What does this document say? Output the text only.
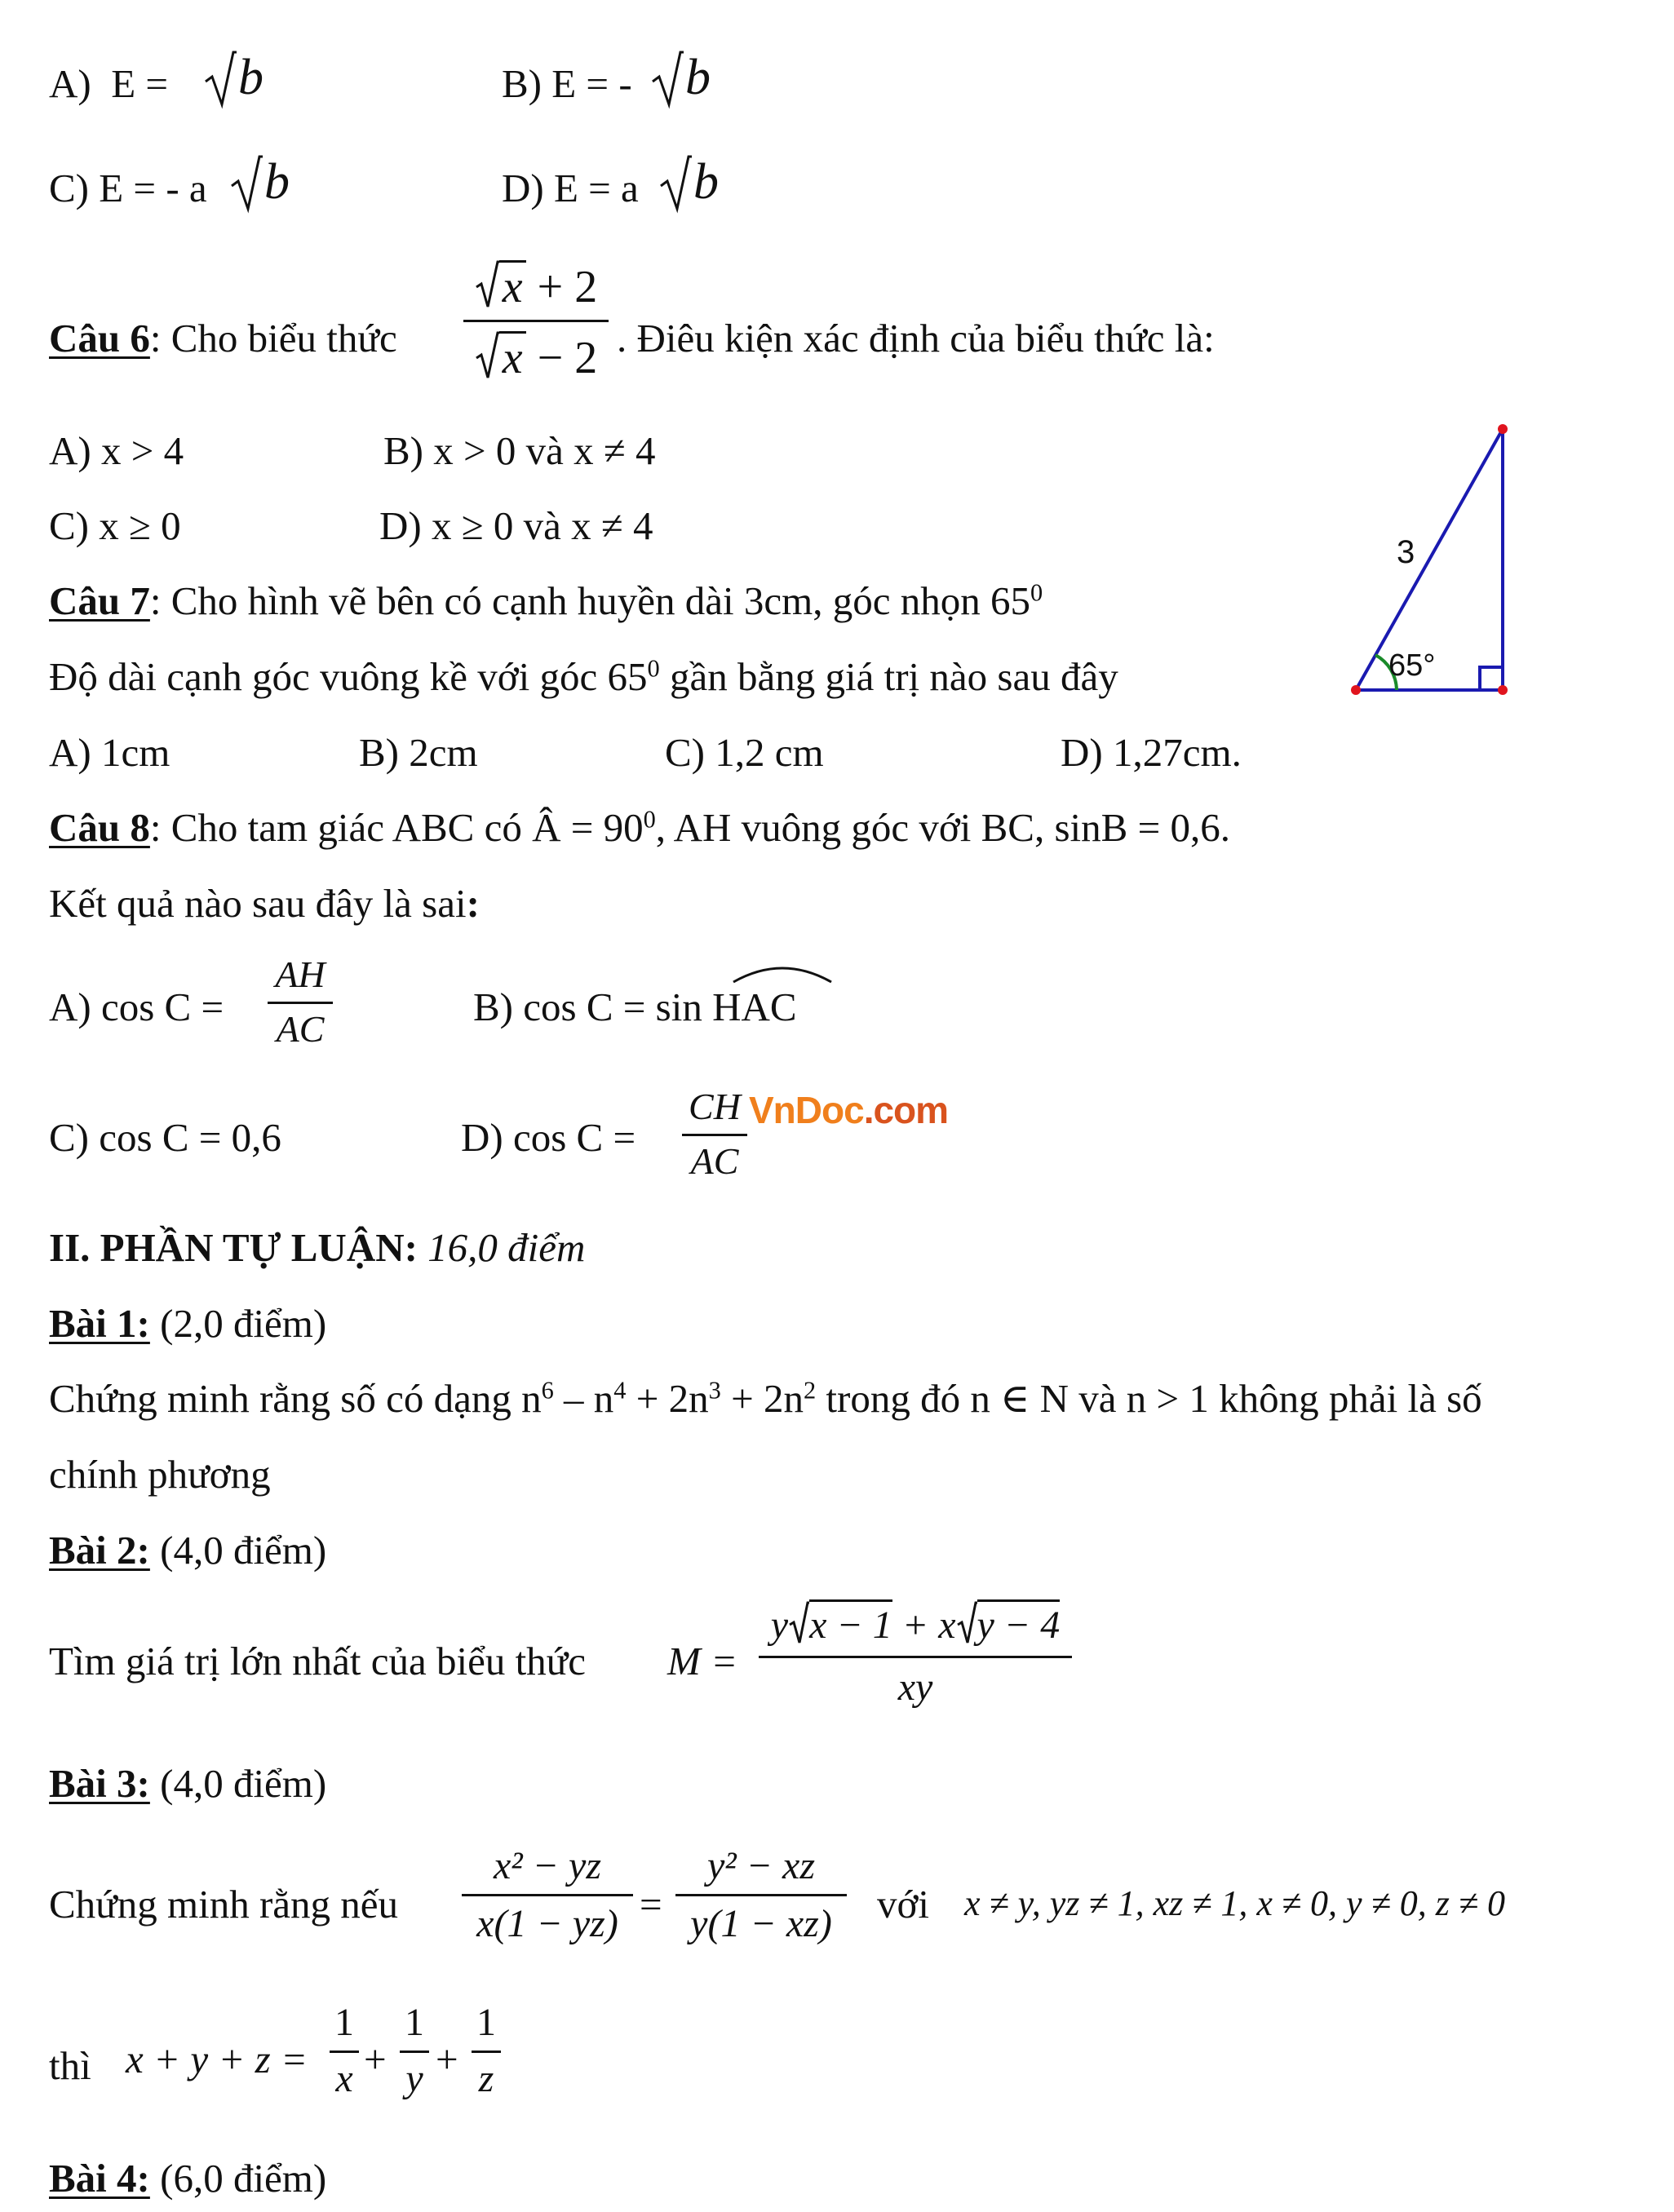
A) E = b	B) E = - b
C) E = - a b	D) E = a b
Câu 6: Cho biểu thức
x + 2
x − 2 . Điêu kiện xác định của biểu thức là:
A) x > 4	B) x > 0 và x ≠ 4
C) x ≥ 0	D) x ≥ 0 và x ≠ 4
Câu 7: Cho hình vẽ bên có cạnh huyền dài 3cm, góc nhọn $65^0$
Độ dài cạnh góc vuông kề với góc $65^0$ gần bằng giá trị nào sau đây
A) 1cm	B) 2cm	C) 1,2 cm	D) 1,27cm.
3
65°
Câu 8: Cho tam giác ABC có Â = $90^0$, AH vuông góc với BC, sinB = 0,6.
Kết quả nào sau đây là sai:
A) cos C =
AH
AC	B) cos C = sin HAC
C) cos C = 0,6	D) cos C =
CH
AC
VnDoc.com
II. PHẦN TỰ LUẬN: 16,0 điểm
Bài 1: (2,0 điểm)
Chứng minh rằng số có dạng $n^6 - n^4 + 2n^3 + 2n^2$ trong đó n ∈ N và n > 1 không phải là số
chính phương
Bài 2: (4,0 điểm)
Tìm giá trị lớn nhất của biểu thức M =
y x − 1 + x y − 4
xy
Bài 3: (4,0 điểm)
Chứng minh rằng nếu
x² − yz
x(1 − yz) =
y² − xz
y(1 − xz) với x ≠ y, yz ≠ 1, xz ≠ 1, x ≠ 0, y ≠ 0, z ≠ 0
thì x + y + z =
1
x +
1
y +
1
z
Bài 4: (6,0 điểm)
